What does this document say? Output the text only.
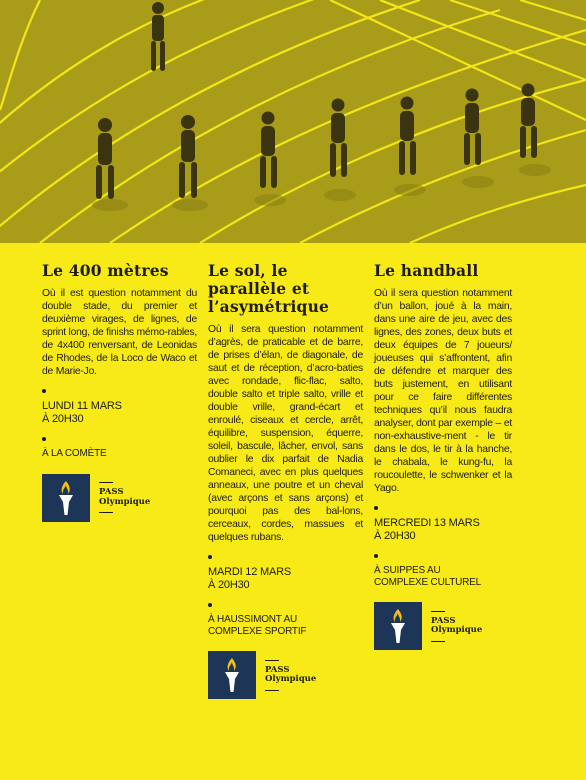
Le 400 mètres

Où il est question notamment du double stade, du premier et deuxième virages, de lignes, de sprint long, de finishs mémo-rables, de 4x400 renversant, de Leonidas de Rhodes, de la Loco de Waco et de Marie-Jo.

LUNDI 11 MARS
À 20H30
À LA COMÈTE
PASS
Olympique
Le sol, le parallèle et l’asymétrique

Où il sera question notamment d’agrès, de praticable et de barre, de prises d’élan, de diagonale, de saut et de réception, d’acro-baties avec rondade, flic-flac, salto, double salto et triple salto, vrille et double vrille, grand-écart et enroulé, ciseaux et cercle, arrêt, équilibre, suspension, équerre, soleil, bascule, lâcher, envol, sans oublier le dix parfait de Nadia Comaneci, avec en plus quelques anneaux, une poutre et un cheval (avec arçons et sans arçons) et pourquoi pas des bal-lons, cerceaux, cordes, massues et quelques rubans.

MARDI 12 MARS
À 20H30
À HAUSSIMONT AU
COMPLEXE SPORTIF
PASS
Olympique
Le handball

Où il sera question notamment d’un ballon, joué à la main, dans une aire de jeu, avec des lignes, des zones, deux buts et deux équipes de 7 joueurs/ joueuses qui s’affrontent, afin de défendre et marquer des buts justement, en utilisant pour ce faire différentes techniques qu’il nous faudra analyser, dont par exemple – et non-exhaustive-ment - le tir dans le dos, le tir à la hanche, le chabala, le kung-fu, la roucoulette, le schwenker et la Yago.

MERCREDI 13 MARS
À 20H30
À SUIPPES AU
COMPLEXE CULTUREL
PASS
Olympique
